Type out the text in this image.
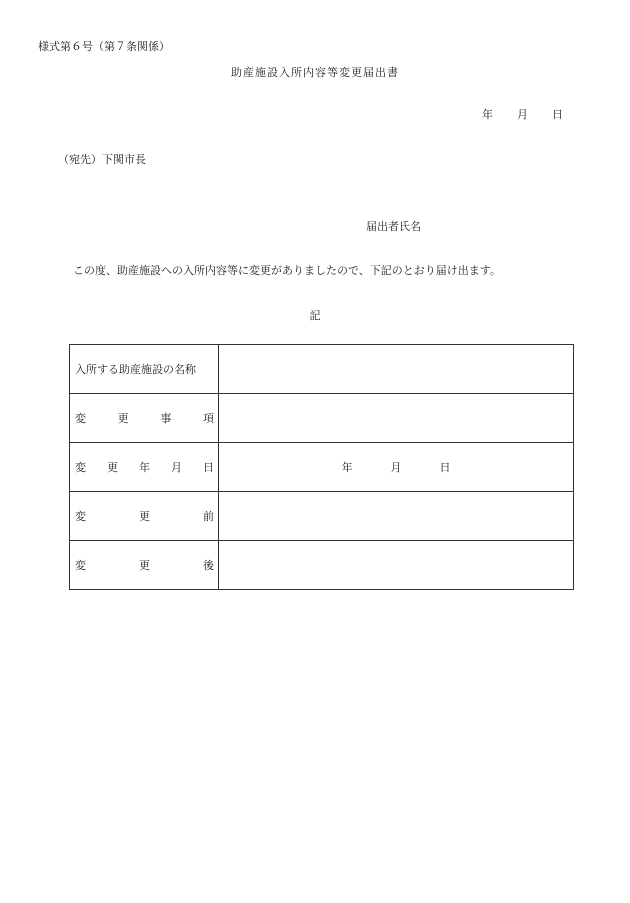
様式第６号（第７条関係）
助産施設入所内容等変更届出書
年 月 日
（宛先）下関市長
届出者氏名
この度、助産施設への入所内容等に変更がありましたので、下記のとおり届け出ます。
記
入所する助産施設の名称	

変 更 事 項	

変 更 年 月 日	年 月 日

変 更 前	

変 更 後	
